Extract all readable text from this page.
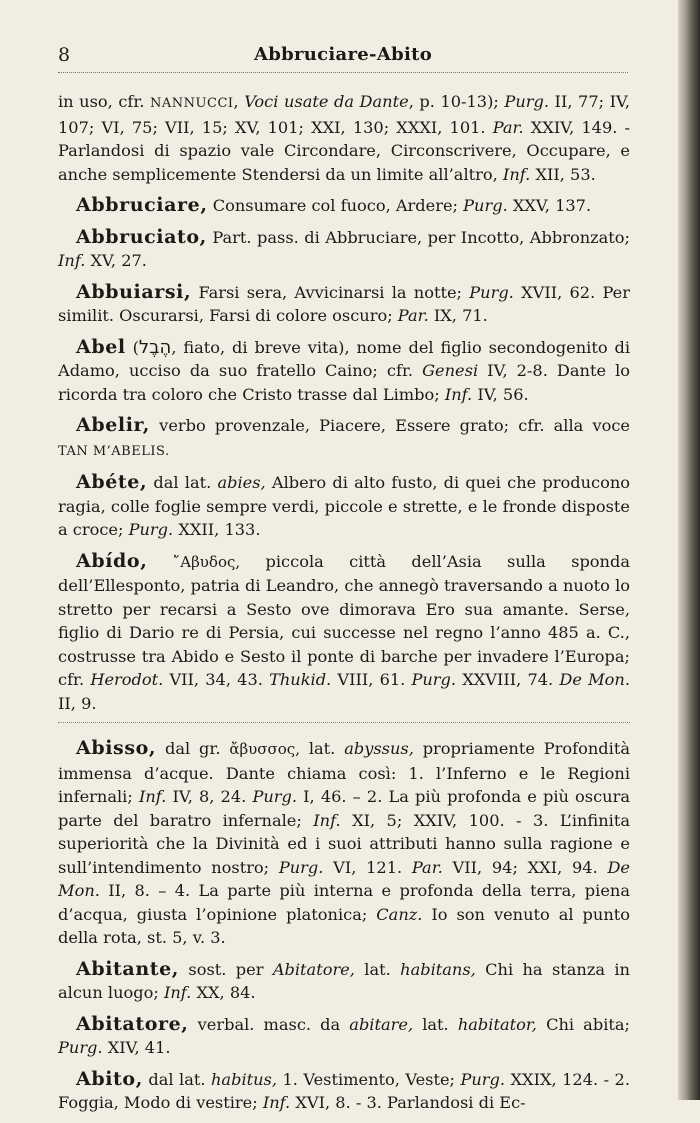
8	Abbruciare-Abito

in uso, cfr. NANNUCCI, Voci usate da Dante, p. 10-13); Purg. II, 77; IV, 107; VI, 75; VII, 15; XV, 101; XXI, 130; XXXI, 101. Par. XXIV, 149. - Parlandosi di spazio vale Circondare, Circonscrivere, Occupare, e anche semplicemente Stendersi da un limite all’altro, Inf. XII, 53.

Abbruciare, Consumare col fuoco, Ardere; Purg. XXV, 137.

Abbruciato, Part. pass. di Abbruciare, per Incotto, Abbronzato; Inf. XV, 27.

Abbuiarsi, Farsi sera, Avvicinarsi la notte; Purg. XVII, 62. Per similit. Oscurarsi, Farsi di colore oscuro; Par. IX, 71.

Abel (הֶבֶל, fiato, di breve vita), nome del figlio secondogenito di Adamo, ucciso da suo fratello Caino; cfr. Genesi IV, 2-8. Dante lo ricorda tra coloro che Cristo trasse dal Limbo; Inf. IV, 56.

Abelir, verbo provenzale, Piacere, Essere grato; cfr. alla voce TAN M’ABELIS.

Abéte, dal lat. abies, Albero di alto fusto, di quei che producono ragia, colle foglie sempre verdi, piccole e strette, e le fronde disposte a croce; Purg. XXII, 133.

Abído, ῎Αβυδος, piccola città dell’Asia sulla sponda dell’Ellesponto, patria di Leandro, che annegò traversando a nuoto lo stretto per recarsi a Sesto ove dimorava Ero sua amante. Serse, figlio di Dario re di Persia, cui successe nel regno l’anno 485 a. C., costrusse tra Abido e Sesto il ponte di barche per invadere l’Europa; cfr. Herodot. VII, 34, 43. Thukid. VIII, 61. Purg. XXVIII, 74. De Mon. II, 9.

Abisso, dal gr. ἄβυσσος, lat. abyssus, propriamente Profondità immensa d’acque. Dante chiama così: 1. l’Inferno e le Regioni infernali; Inf. IV, 8, 24. Purg. I, 46. – 2. La più profonda e più oscura parte del baratro infernale; Inf. XI, 5; XXIV, 100. - 3. L’infinita superiorità che la Divinità ed i suoi attributi hanno sulla ragione e sull’intendimento nostro; Purg. VI, 121. Par. VII, 94; XXI, 94. De Mon. II, 8. – 4. La parte più interna e profonda della terra, piena d’acqua, giusta l’opinione platonica; Canz. Io son venuto al punto della rota, st. 5, v. 3.

Abitante, sost. per Abitatore, lat. habitans, Chi ha stanza in alcun luogo; Inf. XX, 84.

Abitatore, verbal. masc. da abitare, lat. habitator, Chi abita; Purg. XIV, 41.

Abito, dal lat. habitus, 1. Vestimento, Veste; Purg. XXIX, 124. - 2. Foggia, Modo di vestire; Inf. XVI, 8. - 3. Parlandosi di Ec-
